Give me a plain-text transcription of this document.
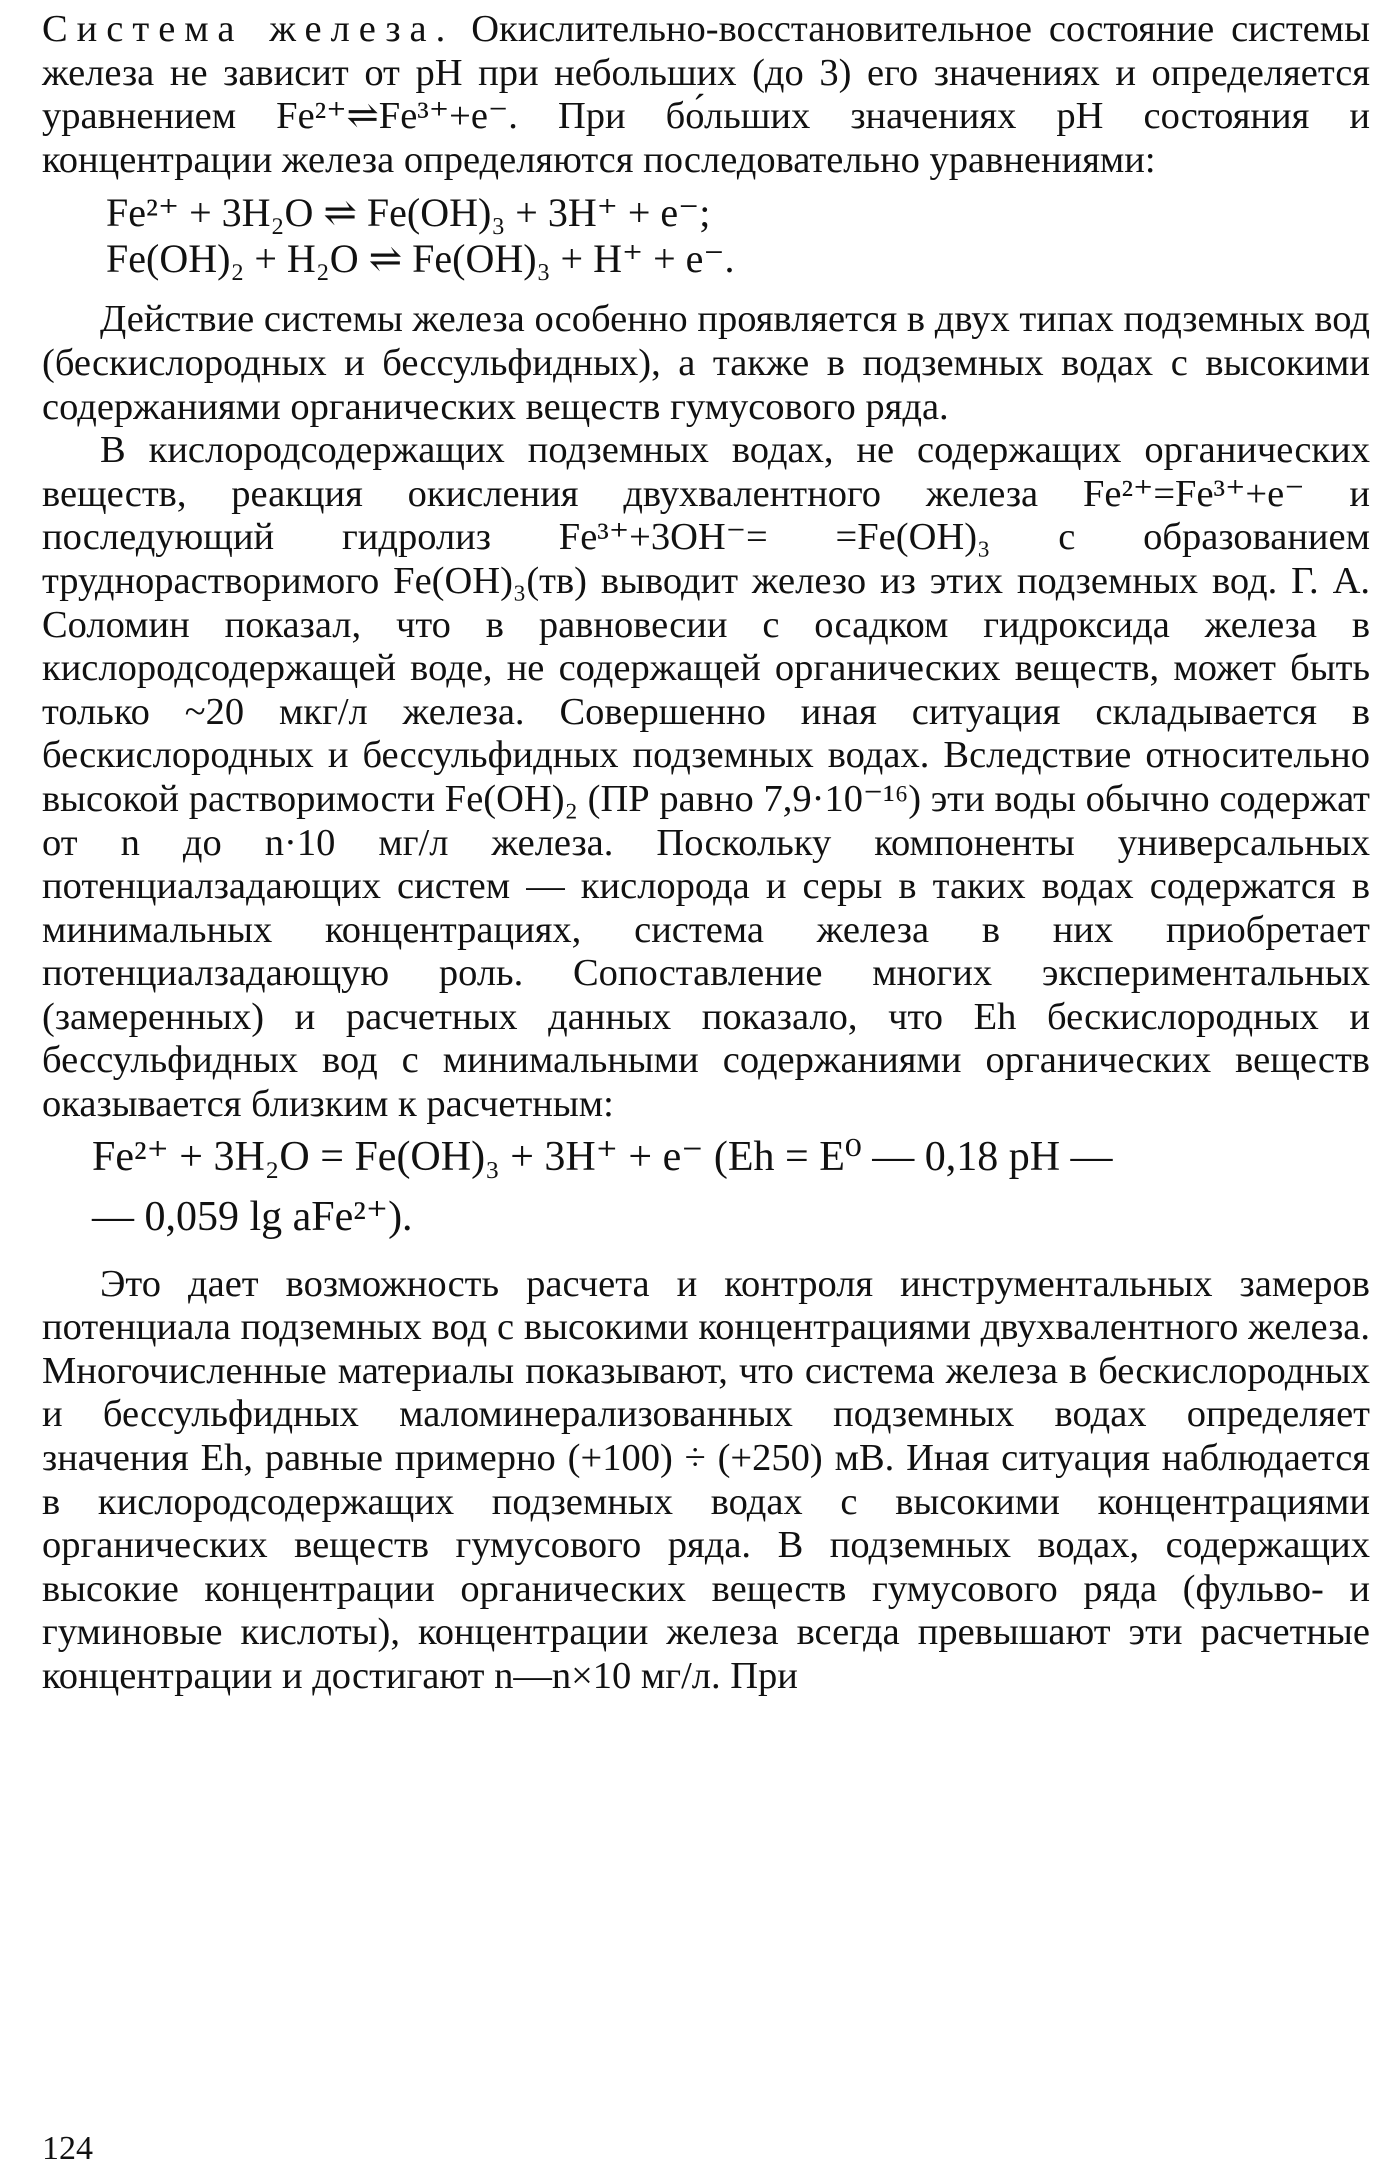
Система железа. Окислительно-восстановительное состояние системы железа не зависит от pH при небольших (до 3) его значениях и определяется уравнением Fe²⁺⇌Fe³⁺+e⁻. При бо́льших значениях pH состояния и концентрации железа определяются последовательно уравнениями:

Fe²⁺ + 3H₂O ⇌ Fe(OH)₃ + 3H⁺ + e⁻;

Fe(OH)₂ + H₂O ⇌ Fe(OH)₃ + H⁺ + e⁻.

Действие системы железа особенно проявляется в двух типах подземных вод (бескислородных и бессульфидных), а также в подземных водах с высокими содержаниями органических веществ гумусового ряда.

В кислородсодержащих подземных водах, не содержащих органических веществ, реакция окисления двухвалентного железа Fe²⁺=Fe³⁺+e⁻ и последующий гидролиз Fe³⁺+3OH⁻= =Fe(OH)₃ с образованием труднорастворимого Fe(OH)₃(тв) выводит железо из этих подземных вод. Г. А. Соломин показал, что в равновесии с осадком гидроксида железа в кислородсодержащей воде, не содержащей органических веществ, может быть только ~20 мкг/л железа. Совершенно иная ситуация складывается в бескислородных и бессульфидных подземных водах. Вследствие относительно высокой растворимости Fe(OH)₂ (ПР равно 7,9·10⁻¹⁶) эти воды обычно содержат от n до n·10 мг/л железа. Поскольку компоненты универсальных потенциалзадающих систем — кислорода и серы в таких водах содержатся в минимальных концентрациях, система железа в них приобретает потенциалзадающую роль. Сопоставление многих экспериментальных (замеренных) и расчетных данных показало, что Eh бескислородных и бессульфидных вод с минимальными содержаниями органических веществ оказывается близким к расчетным:

Fe²⁺ + 3H₂O = Fe(OH)₃ + 3H⁺ + e⁻ (Eh = E⁰ — 0,18 pH —

— 0,059 lg aFe²⁺).

Это дает возможность расчета и контроля инструментальных замеров потенциала подземных вод с высокими концентрациями двухвалентного железа. Многочисленные материалы показывают, что система железа в бескислородных и бессульфидных маломинерализованных подземных водах определяет значения Eh, равные примерно (+100) ÷ (+250) мВ. Иная ситуация наблюдается в кислородсодержащих подземных водах с высокими концентрациями органических веществ гумусового ряда. В подземных водах, содержащих высокие концентрации органических веществ гумусового ряда (фульво- и гуминовые кислоты), концентрации железа всегда превышают эти расчетные концентрации и достигают n—n×10 мг/л. При

124
